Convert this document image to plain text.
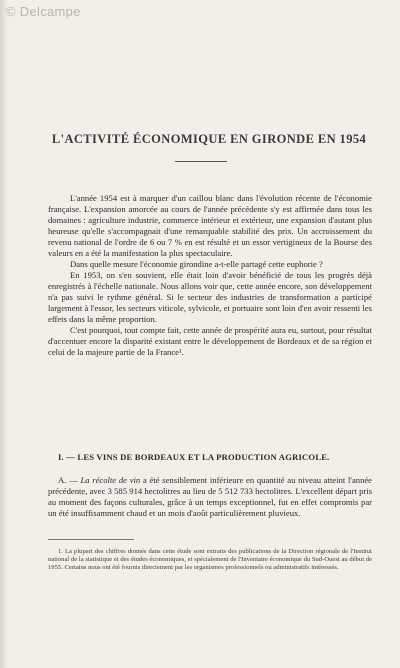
© Delcampe
L'ACTIVITÉ ÉCONOMIQUE EN GIRONDE EN 1954

L'année 1954 est à marquer d'un caillou blanc dans l'évolution récente de l'économie française. L'expansion amorcée au cours de l'année précédente s'y est affirmée dans tous les domaines : agriculture industrie, commerce intérieur et extérieur, une expansion d'autant plus heureuse qu'elle s'accompagnait d'une remarquable stabilité des prix. Un accroissement du revenu national de l'ordre de 6 ou 7 % en est résulté et un essor vertigineux de la Bourse des valeurs en a été la manifestation la plus spectaculaire.

Dans quelle mesure l'économie girondine a-t-elle partagé cette euphorie ?

En 1953, on s'en souvient, elle était loin d'avoir bénéficié de tous les progrès déjà enregistrés à l'échelle nationale. Nous allons voir que, cette année encore, son développement n'a pas suivi le rythme général. Si le secteur des industries de transformation a participé largement à l'essor, les secteurs viticole, sylvicole, et portuaire sont loin d'en avoir ressenti les effets dans la même proportion.

C'est pourquoi, tout compte fait, cette année de prospérité aura eu, surtout, pour résultat d'accentuer encore la disparité existant entre le développement de Bordeaux et de sa région et celui de la majeure partie de la France¹.

I. — LES VINS DE BORDEAUX ET LA PRODUCTION AGRICOLE.

A. — La récolte de vin a été sensiblement inférieure en quantité au niveau atteint l'année précédente, avec 3 585 914 hectolitres au lieu de 5 512 733 hectolitres. L'excellent départ pris au moment des façons culturales, grâce à un temps exceptionnel, fut en effet compromis par un été insuffisamment chaud et un mois d'août particulièrement pluvieux.

1. La plupart des chiffres donnés dans cette étude sont extraits des publications de la Direction régionale de l'Institut national de la statistique et des études économiques, et spécialement de l'Inventaire économique du Sud-Ouest au début de 1955. Certains nous ont été fournis directement par les organismes professionnels ou administratifs intéressés.
